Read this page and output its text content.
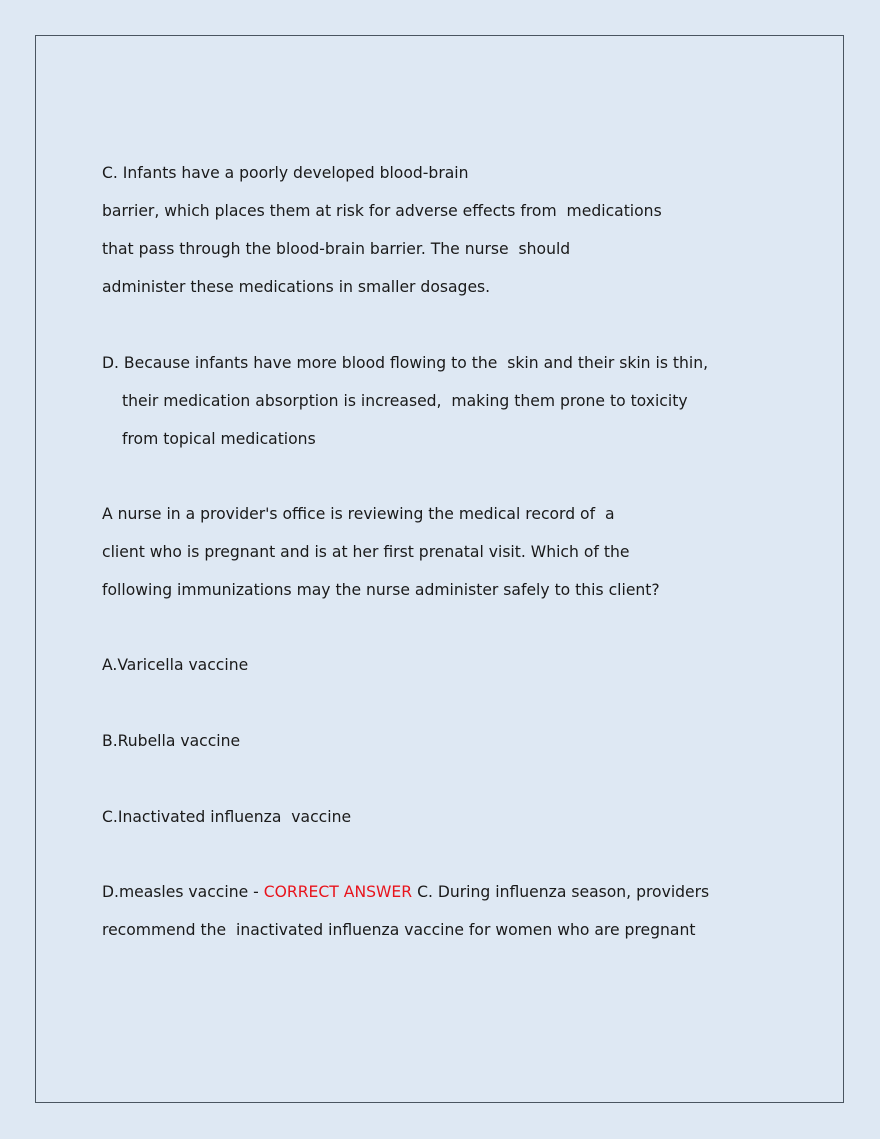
C. Infants have a poorly developed blood-brain
barrier, which places them at risk for adverse effects from  medications
that pass through the blood-brain barrier. The nurse  should
administer these medications in smaller dosages.
D. Because infants have more blood flowing to the  skin and their skin is thin,
their medication absorption is increased,  making them prone to toxicity
from topical medications
A nurse in a provider's office is reviewing the medical record of  a
client who is pregnant and is at her first prenatal visit. Which of the
following immunizations may the nurse administer safely to this client?
A.Varicella vaccine
B.Rubella vaccine
C.Inactivated influenza  vaccine
D.measles vaccine - CORRECT ANSWER C. During influenza season, providers
recommend the  inactivated influenza vaccine for women who are pregnant
